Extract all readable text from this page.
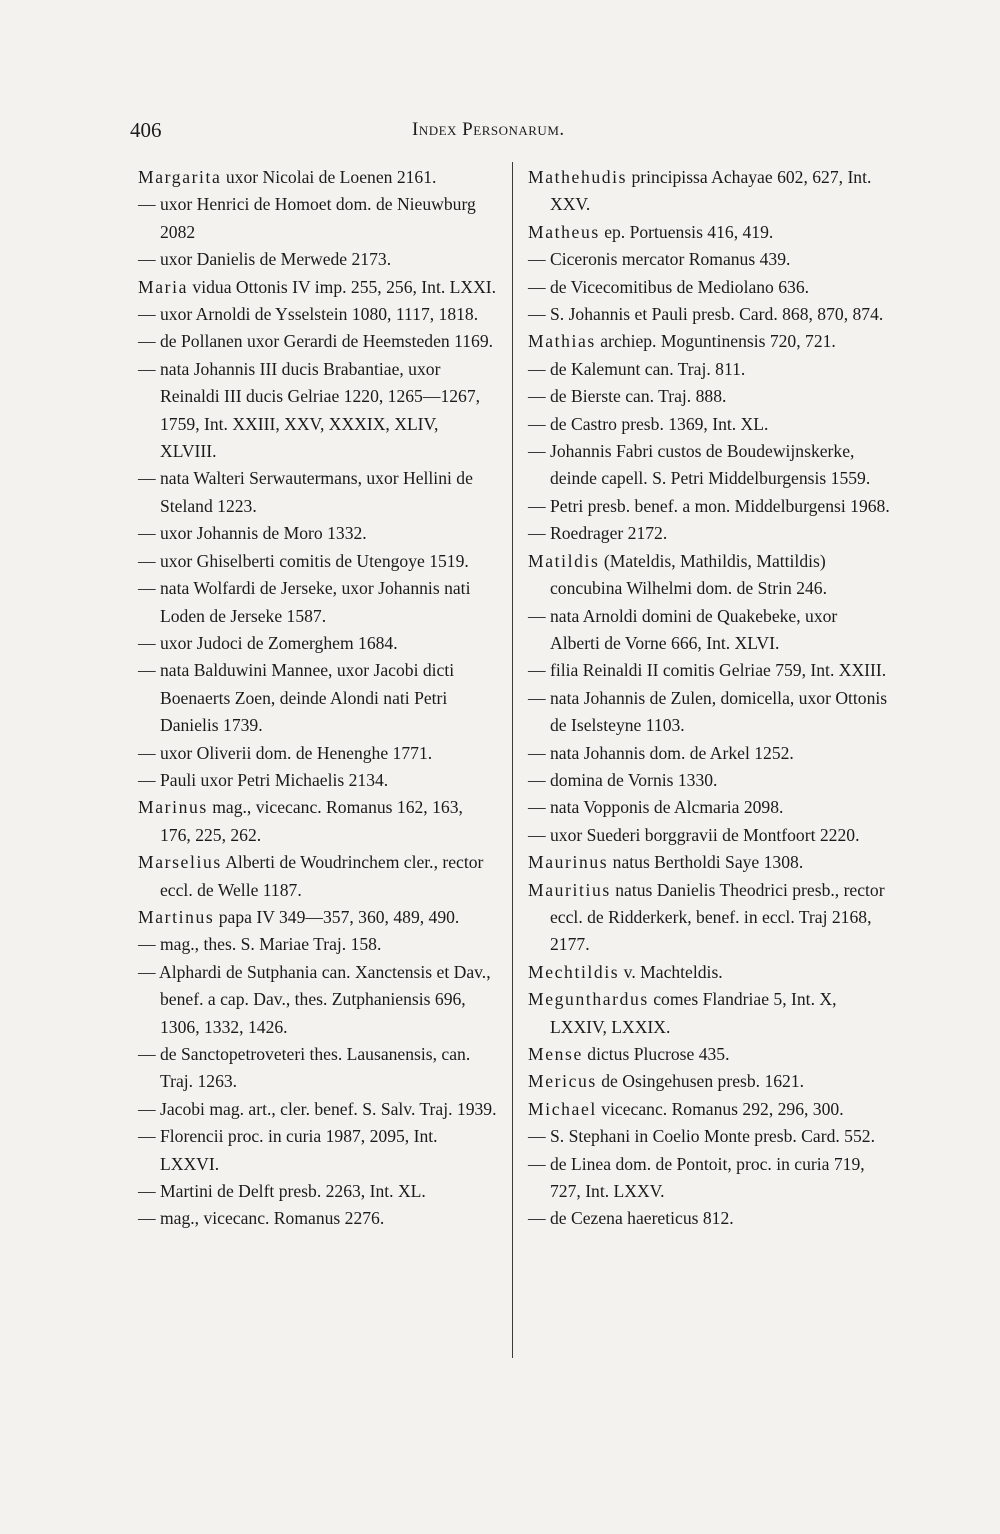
406	Index Personarum.

Margarita uxor Nicolai de Loenen 2161.

— uxor Henrici de Homoet dom. de Nieuwburg 2082

— uxor Danielis de Merwede 2173.

Maria vidua Ottonis IV imp. 255, 256, Int. LXXI.

— uxor Arnoldi de Ysselstein 1080, 1117, 1818.

— de Pollanen uxor Gerardi de Heemsteden 1169.

— nata Johannis III ducis Brabantiae, uxor Reinaldi III ducis Gelriae 1220, 1265—1267, 1759, Int. XXIII, XXV, XXXIX, XLIV, XLVIII.

— nata Walteri Serwautermans, uxor Hellini de Steland 1223.

— uxor Johannis de Moro 1332.

— uxor Ghiselberti comitis de Utengoye 1519.

— nata Wolfardi de Jerseke, uxor Johannis nati Loden de Jerseke 1587.

— uxor Judoci de Zomerghem 1684.

— nata Balduwini Mannee, uxor Jacobi dicti Boenaerts Zoen, deinde Alondi nati Petri Danielis 1739.

— uxor Oliverii dom. de Henenghe 1771.

— Pauli uxor Petri Michaelis 2134.

Marinus mag., vicecanc. Romanus 162, 163, 176, 225, 262.

Marselius Alberti de Woudrinchem cler., rector eccl. de Welle 1187.

Martinus papa IV 349—357, 360, 489, 490.

— mag., thes. S. Mariae Traj. 158.

— Alphardi de Sutphania can. Xanctensis et Dav., benef. a cap. Dav., thes. Zutphaniensis 696, 1306, 1332, 1426.

— de Sanctopetroveteri thes. Lausanensis, can. Traj. 1263.

— Jacobi mag. art., cler. benef. S. Salv. Traj. 1939.

— Florencii proc. in curia 1987, 2095, Int. LXXVI.

— Martini de Delft presb. 2263, Int. XL.

— mag., vicecanc. Romanus 2276.

Mathehudis principissa Achayae 602, 627, Int. XXV.

Matheus ep. Portuensis 416, 419.

— Ciceronis mercator Romanus 439.

— de Vicecomitibus de Mediolano 636.

— S. Johannis et Pauli presb. Card. 868, 870, 874.

Mathias archiep. Moguntinensis 720, 721.

— de Kalemunt can. Traj. 811.

— de Bierste can. Traj. 888.

— de Castro presb. 1369, Int. XL.

— Johannis Fabri custos de Boudewijnskerke, deinde capell. S. Petri Middelburgensis 1559.

— Petri presb. benef. a mon. Middelburgensi 1968.

— Roedrager 2172.

Matildis (Mateldis, Mathildis, Mattildis) concubina Wilhelmi dom. de Strin 246.

— nata Arnoldi domini de Quakebeke, uxor Alberti de Vorne 666, Int. XLVI.

— filia Reinaldi II comitis Gelriae 759, Int. XXIII.

— nata Johannis de Zulen, domicella, uxor Ottonis de Iselsteyne 1103.

— nata Johannis dom. de Arkel 1252.

— domina de Vornis 1330.

— nata Vopponis de Alcmaria 2098.

— uxor Suederi borggravii de Montfoort 2220.

Maurinus natus Bertholdi Saye 1308.

Mauritius natus Danielis Theodrici presb., rector eccl. de Ridderkerk, benef. in eccl. Traj 2168, 2177.

Mechtildis v. Machteldis.

Megunthardus comes Flandriae 5, Int. X, LXXIV, LXXIX.

Mense dictus Plucrose 435.

Mericus de Osingehusen presb. 1621.

Michael vicecanc. Romanus 292, 296, 300.

— S. Stephani in Coelio Monte presb. Card. 552.

— de Linea dom. de Pontoit, proc. in curia 719, 727, Int. LXXV.

— de Cezena haereticus 812.
